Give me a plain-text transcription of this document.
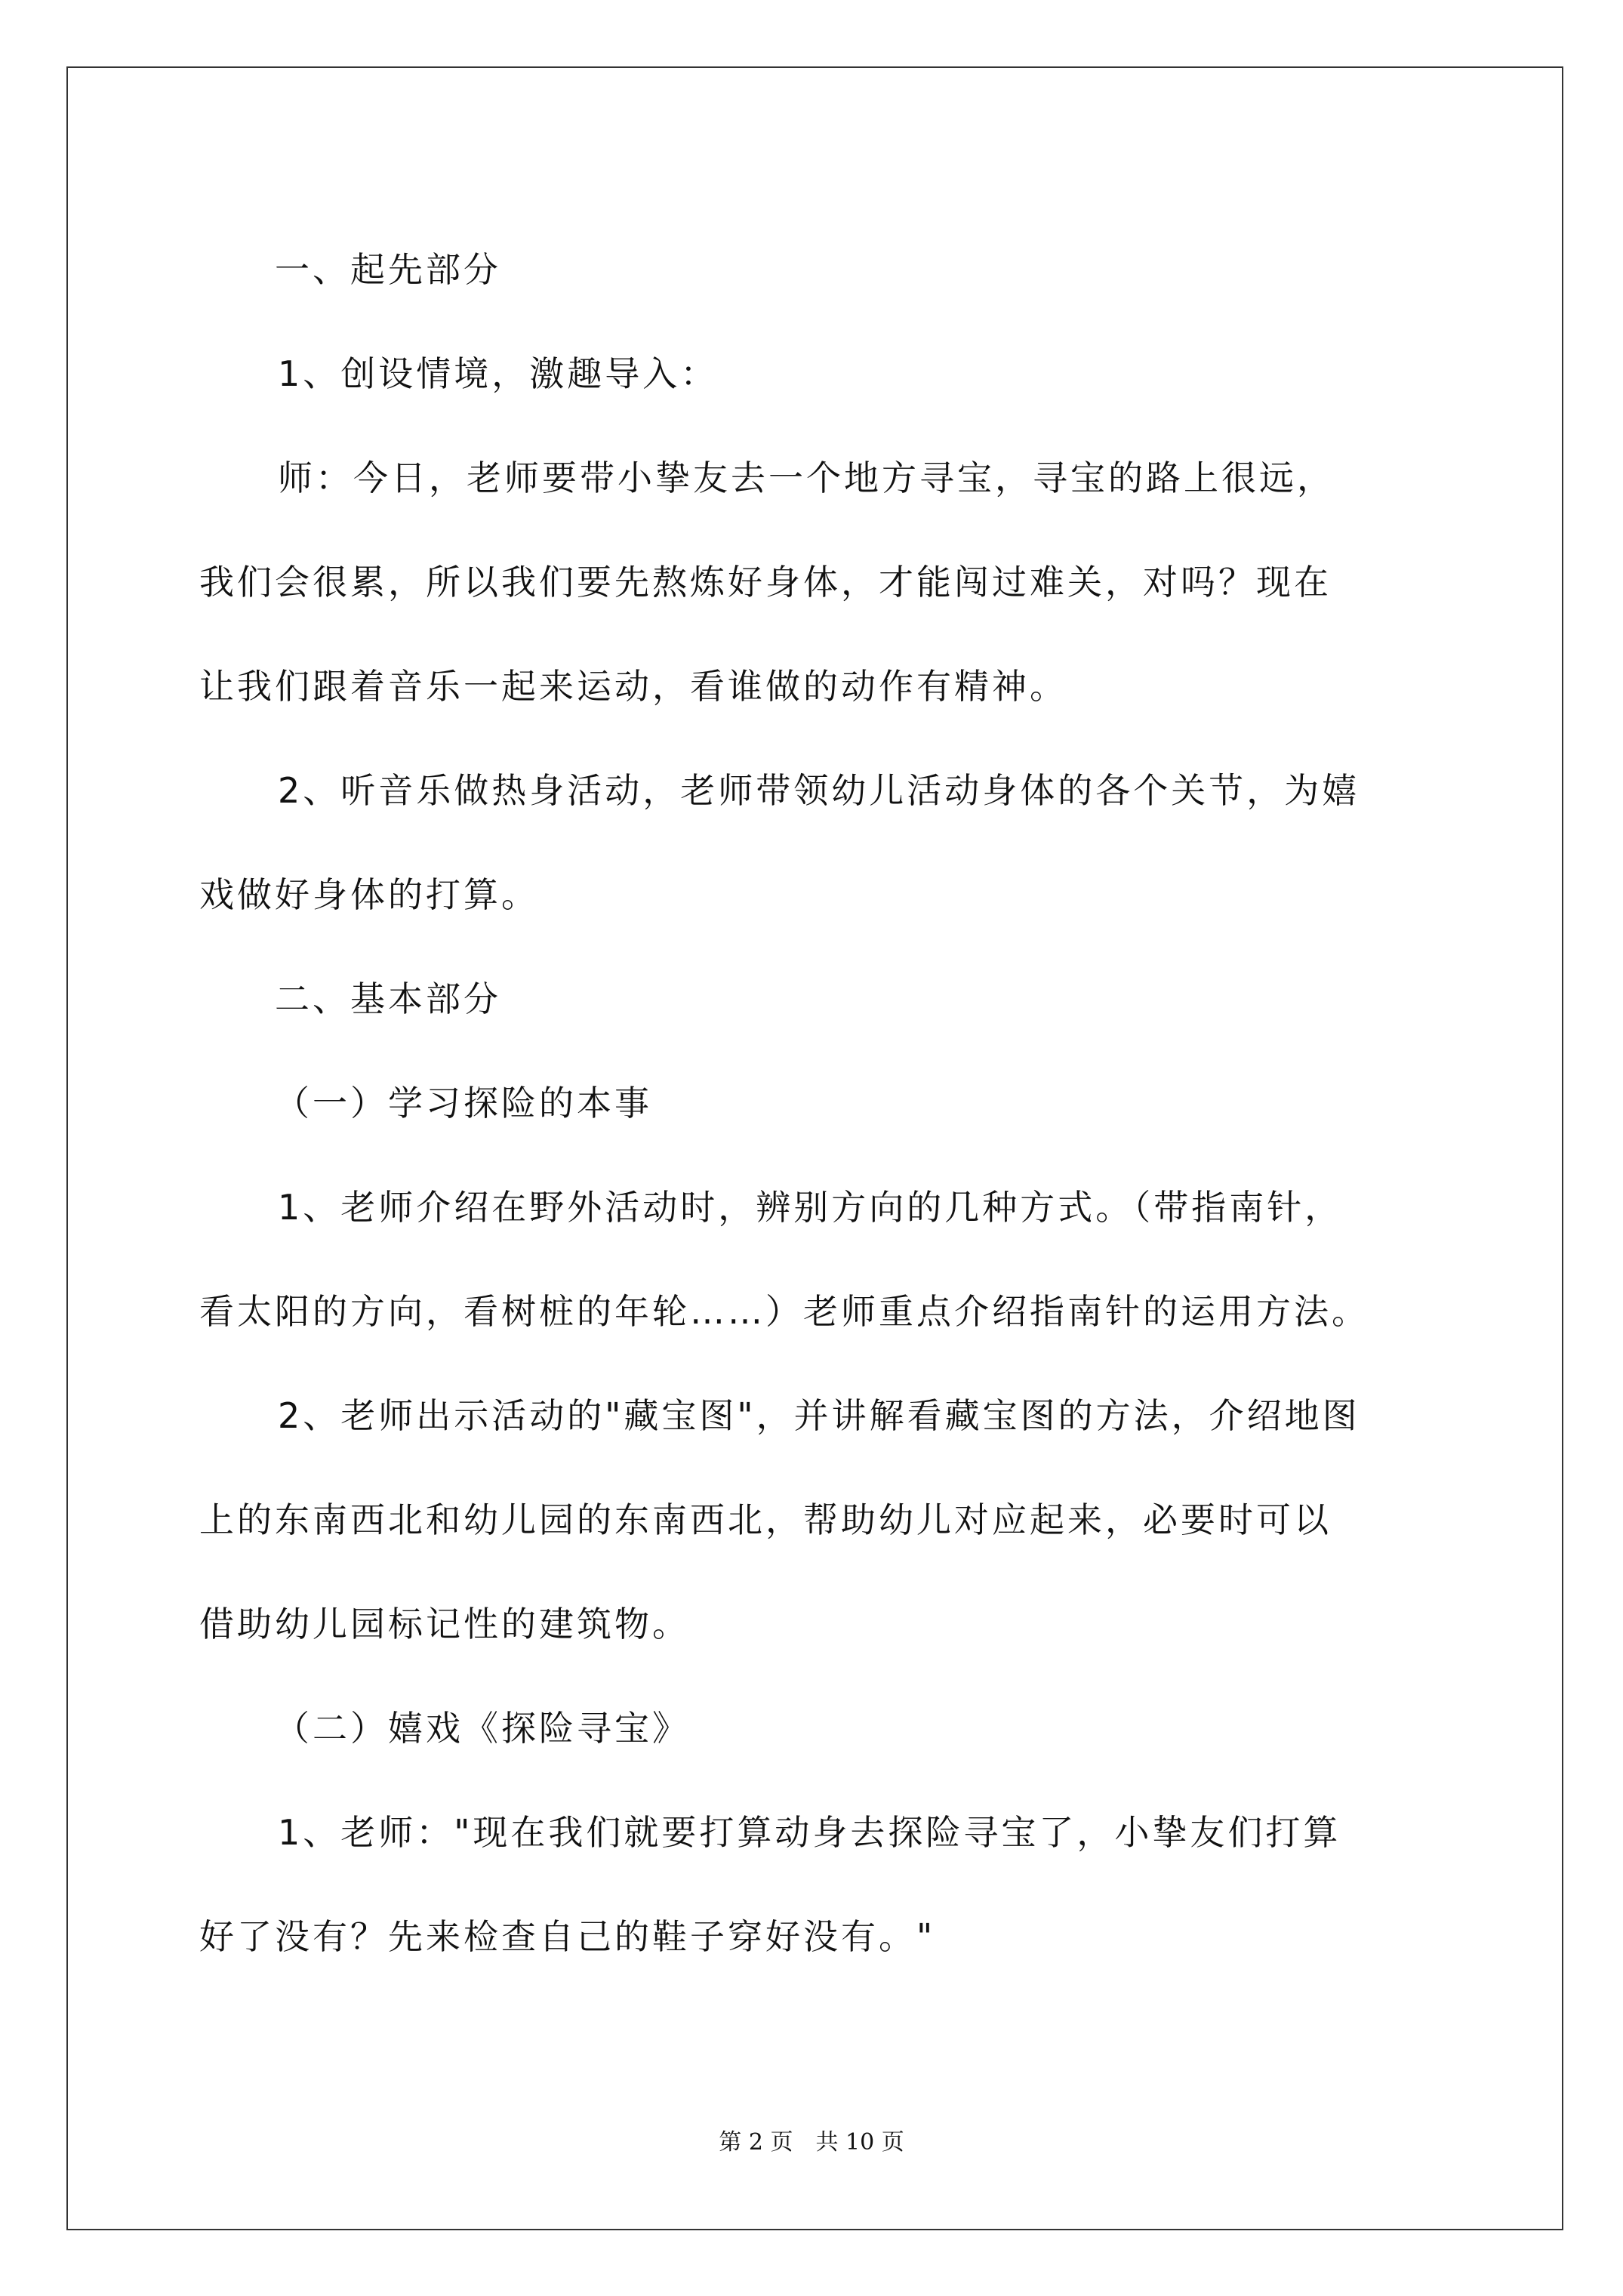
一、起先部分

1、创设情境，激趣导入：

师：今日，老师要带小挚友去一个地方寻宝，寻宝的路上很远，

我们会很累，所以我们要先熬炼好身体，才能闯过难关，对吗？现在

让我们跟着音乐一起来运动，看谁做的动作有精神。

2、听音乐做热身活动，老师带领幼儿活动身体的各个关节，为嬉

戏做好身体的打算。

二、基本部分

（一）学习探险的本事

1、老师介绍在野外活动时，辨别方向的几种方式。（带指南针，

看太阳的方向，看树桩的年轮……）老师重点介绍指南针的运用方法。

2、老师出示活动的"藏宝图"，并讲解看藏宝图的方法，介绍地图

上的东南西北和幼儿园的东南西北，帮助幼儿对应起来，必要时可以

借助幼儿园标记性的建筑物。

（二）嬉戏《探险寻宝》

1、老师："现在我们就要打算动身去探险寻宝了，小挚友们打算

好了没有？先来检查自己的鞋子穿好没有。"

第 2 页　共 10 页
